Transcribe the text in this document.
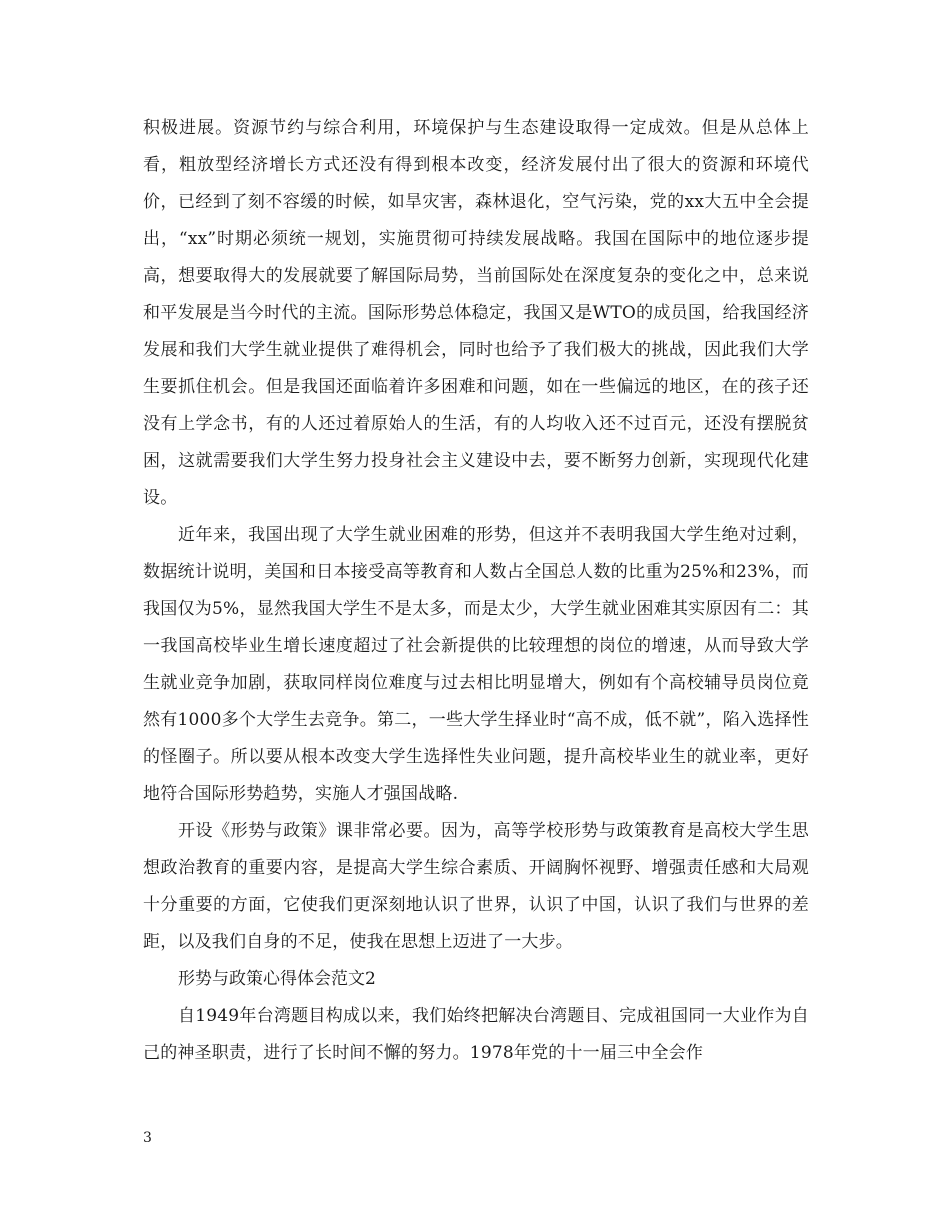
积极进展。资源节约与综合利用，环境保护与生态建设取得一定成效。但是从总体上看，粗放型经济增长方式还没有得到根本改变，经济发展付出了很大的资源和环境代价，已经到了刻不容缓的时候，如旱灾害，森林退化，空气污染，党的xx大五中全会提出，“xx”时期必须统一规划，实施贯彻可持续发展战略。我国在国际中的地位逐步提高，想要取得大的发展就要了解国际局势，当前国际处在深度复杂的变化之中，总来说和平发展是当今时代的主流。国际形势总体稳定，我国又是WTO的成员国，给我国经济发展和我们大学生就业提供了难得机会，同时也给予了我们极大的挑战，因此我们大学生要抓住机会。但是我国还面临着许多困难和问题，如在一些偏远的地区，在的孩子还没有上学念书，有的人还过着原始人的生活，有的人均收入还不过百元，还没有摆脱贫困，这就需要我们大学生努力投身社会主义建设中去，要不断努力创新，实现现代化建设。

近年来，我国出现了大学生就业困难的形势，但这并不表明我国大学生绝对过剩，数据统计说明，美国和日本接受高等教育和人数占全国总人数的比重为25%和23%，而我国仅为5%，显然我国大学生不是太多，而是太少，大学生就业困难其实原因有二：其一我国高校毕业生增长速度超过了社会新提供的比较理想的岗位的增速，从而导致大学生就业竞争加剧，获取同样岗位难度与过去相比明显增大，例如有个高校辅导员岗位竟然有1000多个大学生去竞争。第二，一些大学生择业时“高不成，低不就”，陷入选择性的怪圈子。所以要从根本改变大学生选择性失业问题，提升高校毕业生的就业率，更好地符合国际形势趋势，实施人才强国战略.

开设《形势与政策》课非常必要。因为，高等学校形势与政策教育是高校大学生思想政治教育的重要内容，是提高大学生综合素质、开阔胸怀视野、增强责任感和大局观十分重要的方面，它使我们更深刻地认识了世界，认识了中国，认识了我们与世界的差距，以及我们自身的不足，使我在思想上迈进了一大步。

形势与政策心得体会范文2

自1949年台湾题目构成以来，我们始终把解决台湾题目、完成祖国同一大业作为自己的神圣职责，进行了长时间不懈的努力。1978年党的十一届三中全会作

3
